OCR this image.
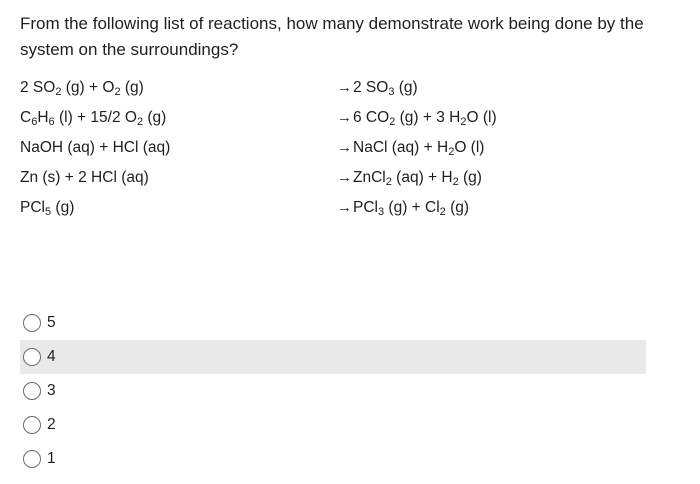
From the following list of reactions, how many demonstrate work being done by the system on the surroundings?
2 $SO_2$ $(g) + O_2$ (g)	→2 $SO_3$ (g)
$C_6H_6$ (l) + 15/2 $O_2$ (g)	→6 $CO_2$ (g) + 3 $H_2O$ (l)
NaOH (aq) + HCl (aq)	→NaCl $(aq) + H_2O$ (l)
Zn (s) + 2 HCl (aq)	→ZnCl$_2$ $(aq) + H_2$ (g)
PCl$_5$ (g)	→PCl$_3$ $(g) + Cl_2$ (g)
5
4
3
2
1
